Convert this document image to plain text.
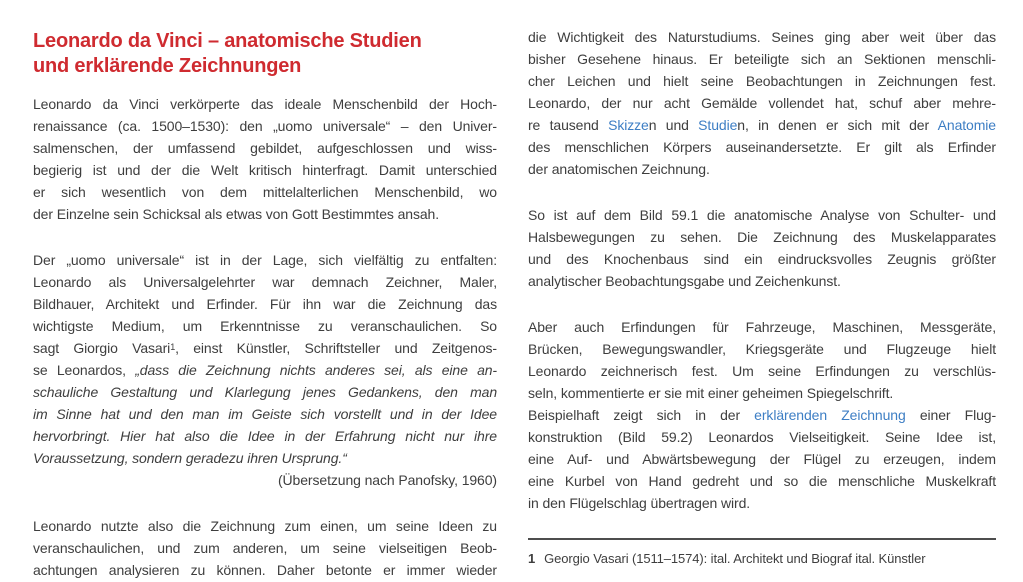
Leonardo da Vinci – anatomische Studien
und erklärende Zeichnungen
Leonardo da Vinci verkörperte das ideale Menschenbild der Hoch-
renaissance (ca. 1500–1530): den „uomo universale“ – den Univer-
salmenschen, der umfassend gebildet, aufgeschlossen und wiss-
begierig ist und der die Welt kritisch hinterfragt. Damit unterschied
er sich wesentlich von dem mittelalterlichen Menschenbild, wo
der Einzelne sein Schicksal als etwas von Gott Bestimmtes ansah.
Der „uomo universale“ ist in der Lage, sich vielfältig zu entfalten:
Leonardo als Universalgelehrter war demnach Zeichner, Maler,
Bildhauer, Architekt und Erfinder. Für ihn war die Zeichnung das
wichtigste Medium, um Erkenntnisse zu veranschaulichen. So
sagt Giorgio Vasari$^1$, einst Künstler, Schriftsteller und Zeitgenos-
se Leonardos, „dass die Zeichnung nichts anderes sei, als eine an-
schauliche Gestaltung und Klarlegung jenes Gedankens, den man
im Sinne hat und den man im Geiste sich vorstellt und in der Idee
hervorbringt. Hier hat also die Idee in der Erfahrung nicht nur ihre
Voraussetzung, sondern geradezu ihren Ursprung.“
(Übersetzung nach Panofsky, 1960)
Leonardo nutzte also die Zeichnung zum einen, um seine Ideen zu
veranschaulichen, und zum anderen, um seine vielseitigen Beob-
achtungen analysieren zu können. Daher betonte er immer wieder
die Wichtigkeit des Naturstudiums. Seines ging aber weit über das
bisher Gesehene hinaus. Er beteiligte sich an Sektionen menschli-
cher Leichen und hielt seine Beobachtungen in Zeichnungen fest.
Leonardo, der nur acht Gemälde vollendet hat, schuf aber mehre-
re tausend Skizzen und Studien, in denen er sich mit der Anatomie
des menschlichen Körpers auseinandersetzte. Er gilt als Erfinder
der anatomischen Zeichnung.
So ist auf dem Bild 59.1 die anatomische Analyse von Schulter- und
Halsbewegungen zu sehen. Die Zeichnung des Muskelapparates
und des Knochenbaus sind ein eindrucksvolles Zeugnis größter
analytischer Beobachtungsgabe und Zeichenkunst.
Aber auch Erfindungen für Fahrzeuge, Maschinen, Messgeräte,
Brücken, Bewegungswandler, Kriegsgeräte und Flugzeuge hielt
Leonardo zeichnerisch fest. Um seine Erfindungen zu verschlüs-
seln, kommentierte er sie mit einer geheimen Spiegelschrift.
Beispielhaft zeigt sich in der erklärenden Zeichnung einer Flug-
konstruktion (Bild 59.2) Leonardos Vielseitigkeit. Seine Idee ist,
eine Auf- und Abwärtsbewegung der Flügel zu erzeugen, indem
eine Kurbel von Hand gedreht und so die menschliche Muskelkraft
in den Flügelschlag übertragen wird.
1 Georgio Vasari (1511–1574): ital. Architekt und Biograf ital. Künstler
